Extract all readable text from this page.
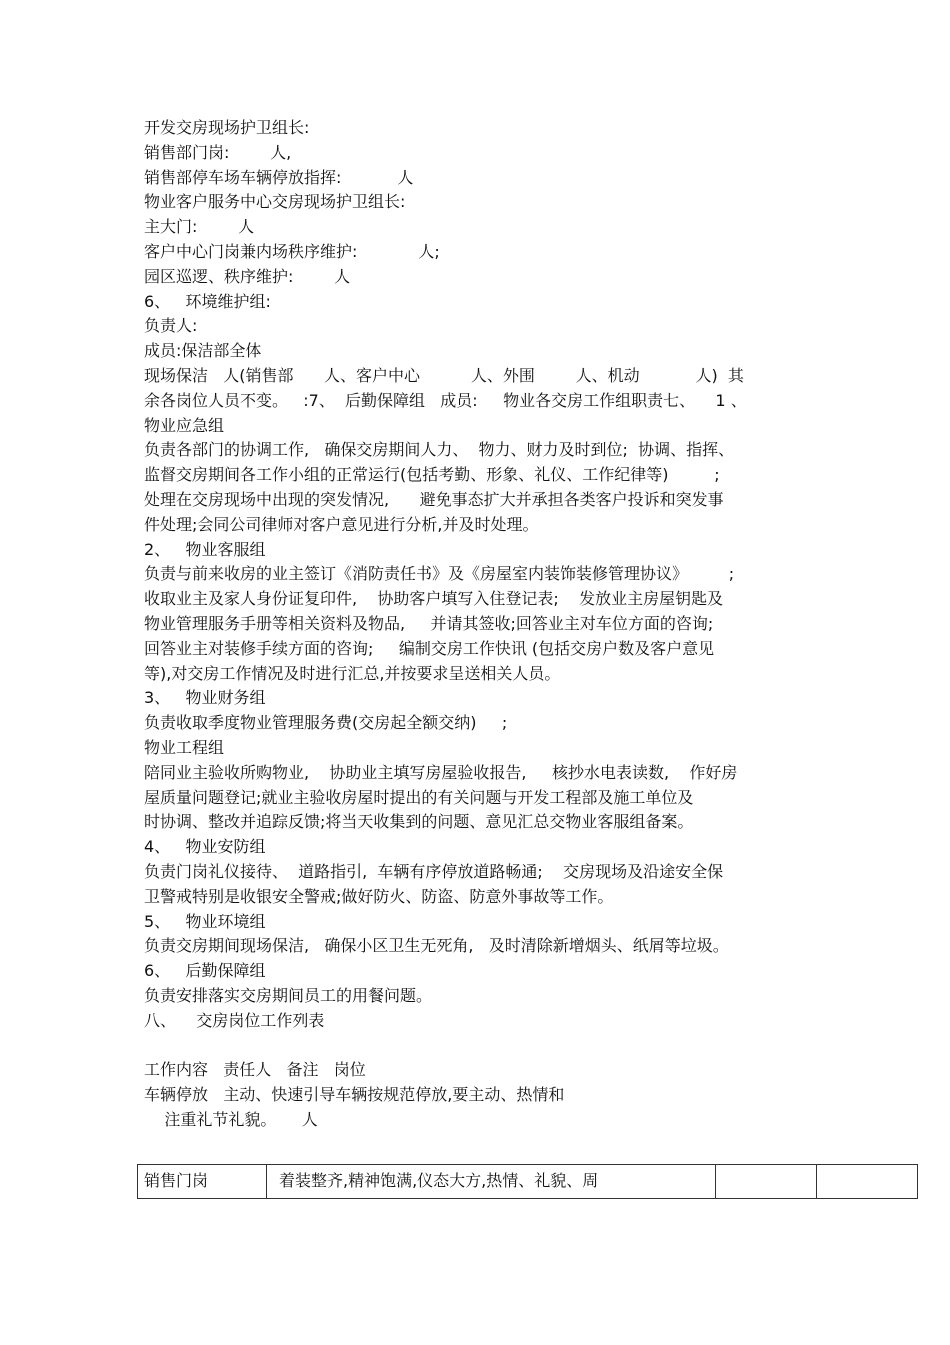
开发交房现场护卫组长:
销售部门岗:        人,
销售部停车场车辆停放指挥:           人
物业客户服务中心交房现场护卫组长:
主大门:        人
客户中心门岗兼内场秩序维护:            人;
园区巡逻、秩序维护:        人
6、   环境维护组:
负责人:
成员:保洁部全体
现场保洁   人(销售部      人、客户中心          人、外围        人、机动           人)  其
余各岗位人员不变。   :7、  后勤保障组   成员:     物业各交房工作组职责七、    1 、
物业应急组
负责各部门的协调工作,   确保交房期间人力、  物力、财力及时到位;  协调、指挥、
监督交房期间各工作小组的正常运行(包括考勤、形象、礼仪、工作纪律等)         ;
处理在交房现场中出现的突发情况,      避免事态扩大并承担各类客户投诉和突发事
件处理;会同公司律师对客户意见进行分析,并及时处理。
2、   物业客服组
负责与前来收房的业主签订《消防责任书》及《房屋室内装饰装修管理协议》        ;
收取业主及家人身份证复印件,    协助客户填写入住登记表;    发放业主房屋钥匙及
物业管理服务手册等相关资料及物品,     并请其签收;回答业主对车位方面的咨询;
回答业主对装修手续方面的咨询;     编制交房工作快讯 (包括交房户数及客户意见
等),对交房工作情况及时进行汇总,并按要求呈送相关人员。
3、   物业财务组
负责收取季度物业管理服务费(交房起全额交纳)     ;
物业工程组
陪同业主验收所购物业,    协助业主填写房屋验收报告,     核抄水电表读数,    作好房
屋质量问题登记;就业主验收房屋时提出的有关问题与开发工程部及施工单位及
时协调、整改并追踪反馈;将当天收集到的问题、意见汇总交物业客服组备案。
4、   物业安防组
负责门岗礼仪接待、  道路指引,  车辆有序停放道路畅通;    交房现场及沿途安全保
卫警戒特别是收银安全警戒;做好防火、防盗、防意外事故等工作。
5、   物业环境组
负责交房期间现场保洁,   确保小区卫生无死角,   及时清除新增烟头、纸屑等垃圾。
6、   后勤保障组
负责安排落实交房期间员工的用餐问题。
八、    交房岗位工作列表
工作内容   责任人   备注   岗位
车辆停放   主动、快速引导车辆按规范停放,要主动、热情和
注重礼节礼貌。     人
销售门岗	着装整齐,精神饱满,仪态大方,热情、礼貌、周		
